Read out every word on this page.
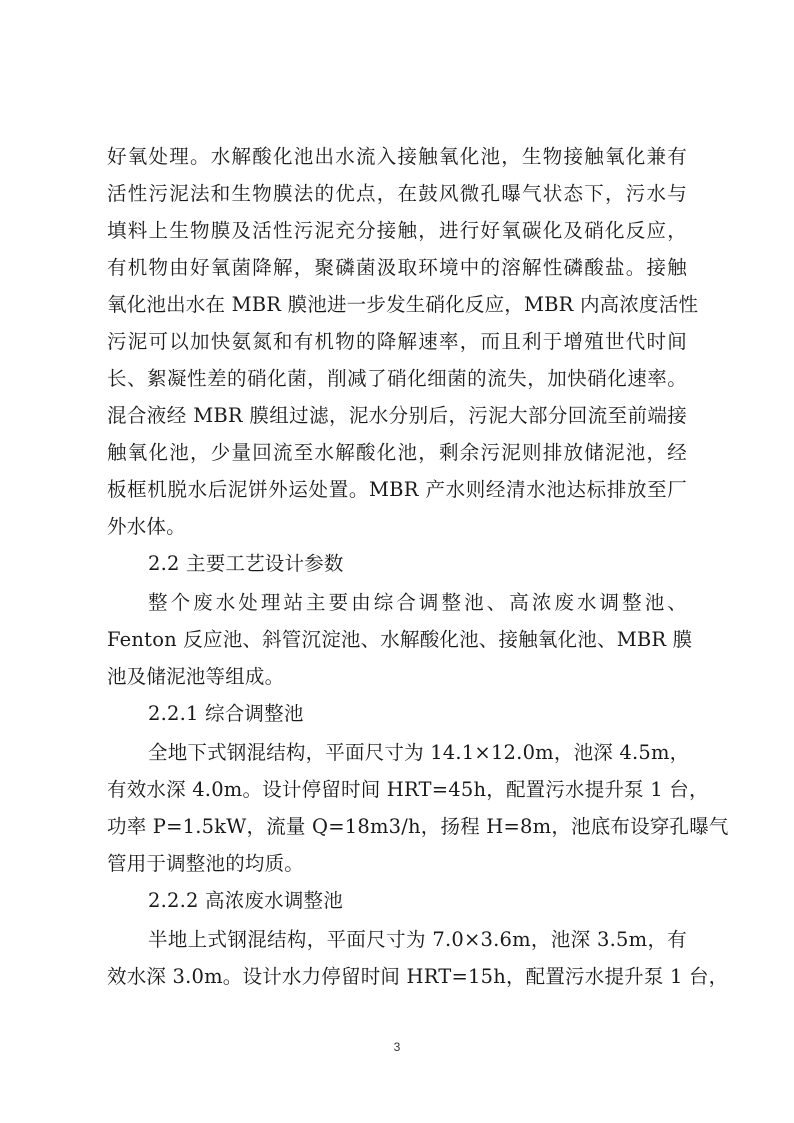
好氧处理。水解酸化池出水流入接触氧化池，生物接触氧化兼有
活性污泥法和生物膜法的优点，在鼓风微孔曝气状态下，污水与
填料上生物膜及活性污泥充分接触，进行好氧碳化及硝化反应，
有机物由好氧菌降解，聚磷菌汲取环境中的溶解性磷酸盐。接触
氧化池出水在 MBR 膜池进一步发生硝化反应，MBR 内高浓度活性
污泥可以加快氨氮和有机物的降解速率，而且利于增殖世代时间
长、絮凝性差的硝化菌，削减了硝化细菌的流失，加快硝化速率。
混合液经 MBR 膜组过滤，泥水分别后，污泥大部分回流至前端接
触氧化池，少量回流至水解酸化池，剩余污泥则排放储泥池，经
板框机脱水后泥饼外运处置。MBR 产水则经清水池达标排放至厂
外水体。
2.2 主要工艺设计参数
整个废水处理站主要由综合调整池、高浓废水调整池、
Fenton 反应池、斜管沉淀池、水解酸化池、接触氧化池、MBR 膜
池及储泥池等组成。
2.2.1 综合调整池
全地下式钢混结构，平面尺寸为 14.1×12.0m，池深 4.5m，
有效水深 4.0m。设计停留时间 HRT=45h，配置污水提升泵 1 台，
功率 P=1.5kW，流量 Q=18m3/h，扬程 H=8m，池底布设穿孔曝气
管用于调整池的均质。
2.2.2 高浓废水调整池
半地上式钢混结构，平面尺寸为 7.0×3.6m，池深 3.5m，有
效水深 3.0m。设计水力停留时间 HRT=15h，配置污水提升泵 1 台，
3
